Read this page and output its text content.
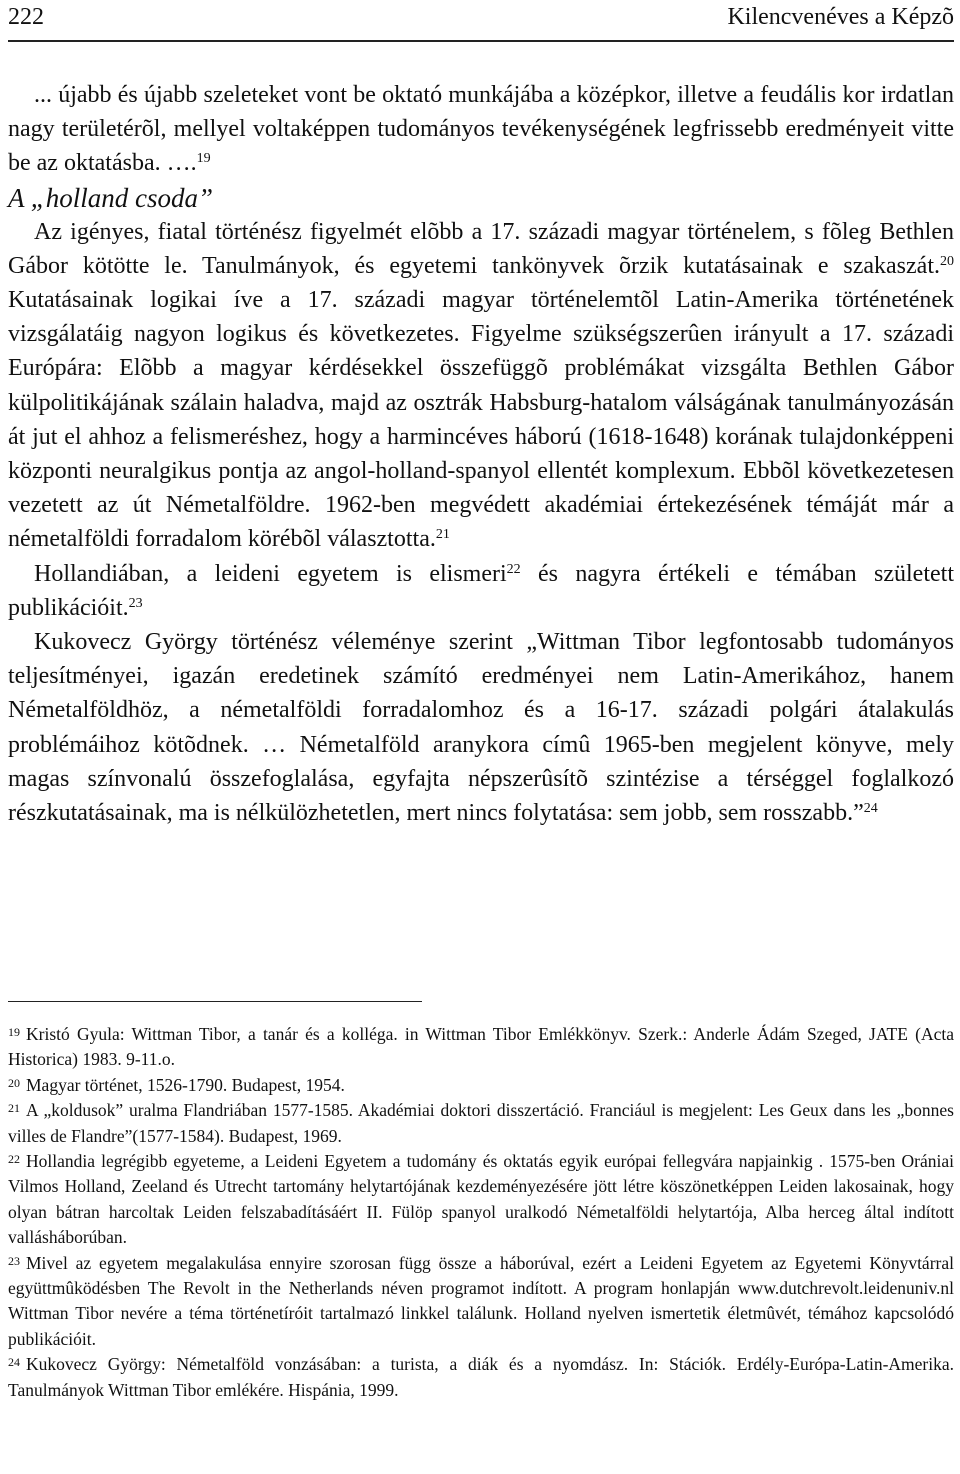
222	Kilencvenéves a Képzõ

... újabb és újabb szeleteket vont be oktató munkájába a középkor, illetve a feudális kor irdatlan nagy területérõl, mellyel voltaképpen tudományos tevékenységének legfrissebb eredményeit vitte be az oktatásba. ….$^{19}$

A „holland csoda”

Az igényes, fiatal történész figyelmét elõbb a 17. századi magyar történelem, s fõleg Bethlen Gábor kötötte le. Tanulmányok, és egyetemi tankönyvek õrzik kutatásainak e szakaszát.$^{20}$ Kutatásainak logikai íve a 17. századi magyar történelemtõl Latin-Amerika történetének vizsgálatáig nagyon logikus és következetes. Figyelme szükségszerûen irányult a 17. századi Európára: Elõbb a magyar kérdésekkel összefüggõ problémákat vizsgálta Bethlen Gábor külpolitikájának szálain haladva, majd az osztrák Habsburg-hatalom válságának tanulmányozásán át jut el ahhoz a felismeréshez, hogy a harmincéves háború (1618-1648) korának tulajdonképpeni központi neuralgikus pontja az angol-holland-spanyol ellentét komplexum. Ebbõl következetesen vezetett az út Németalföldre. 1962-ben megvédett akadémiai értekezésének témáját már a németalföldi forradalom körébõl választotta.$^{21}$

Hollandiában, a leideni egyetem is elismeri$^{22}$ és nagyra értékeli e témában született publikációit.$^{23}$

Kukovecz György történész véleménye szerint „Wittman Tibor legfontosabb tudományos teljesítményei, igazán eredetinek számító eredményei nem Latin-Amerikához, hanem Németalföldhöz, a németalföldi forradalomhoz és a 16-17. századi polgári átalakulás problémáihoz kötõdnek. … Németalföld aranykora címû 1965-ben megjelent könyve, mely magas színvonalú összefoglalása, egyfajta népszerûsítõ szintézise a térséggel foglalkozó részkutatásainak, ma is nélkülözhetetlen, mert nincs folytatása: sem jobb, sem rosszabb.”$^{24}$

$^{19}$ Kristó Gyula: Wittman Tibor, a tanár és a kolléga. in Wittman Tibor Emlékkönyv. Szerk.: Anderle Ádám Szeged, JATE (Acta Historica) 1983. 9-11.o.

$^{20}$ Magyar történet, 1526-1790. Budapest, 1954.

$^{21}$ A „koldusok” uralma Flandriában 1577-1585. Akadémiai doktori disszertáció. Franciául is megjelent: Les Geux dans les „bonnes villes de Flandre”(1577-1584). Budapest, 1969.

$^{22}$ Hollandia legrégibb egyeteme, a Leideni Egyetem a tudomány és oktatás egyik európai fellegvára napjainkig . 1575-ben Orániai Vilmos Holland, Zeeland és Utrecht tartomány helytartójának kezdeményezésére jött létre köszönetképpen Leiden lakosainak, hogy olyan bátran harcoltak Leiden felszabadításáért II. Fülöp spanyol uralkodó Németalföldi helytartója, Alba herceg által indított vallásháborúban.

$^{23}$ Mivel az egyetem megalakulása ennyire szorosan függ össze a háborúval, ezért a Leideni Egyetem az Egyetemi Könyvtárral együttmûködésben The Revolt in the Netherlands néven programot indított. A program honlapján www.dutchrevolt.leidenuniv.nl Wittman Tibor nevére a téma történetíróit tartalmazó linkkel találunk. Holland nyelven ismertetik életmûvét, témához kapcsolódó publikációit.

$^{24}$ Kukovecz György: Németalföld vonzásában: a turista, a diák és a nyomdász. In: Stációk. Erdély-Európa-Latin-Amerika. Tanulmányok Wittman Tibor emlékére. Hispánia, 1999.
